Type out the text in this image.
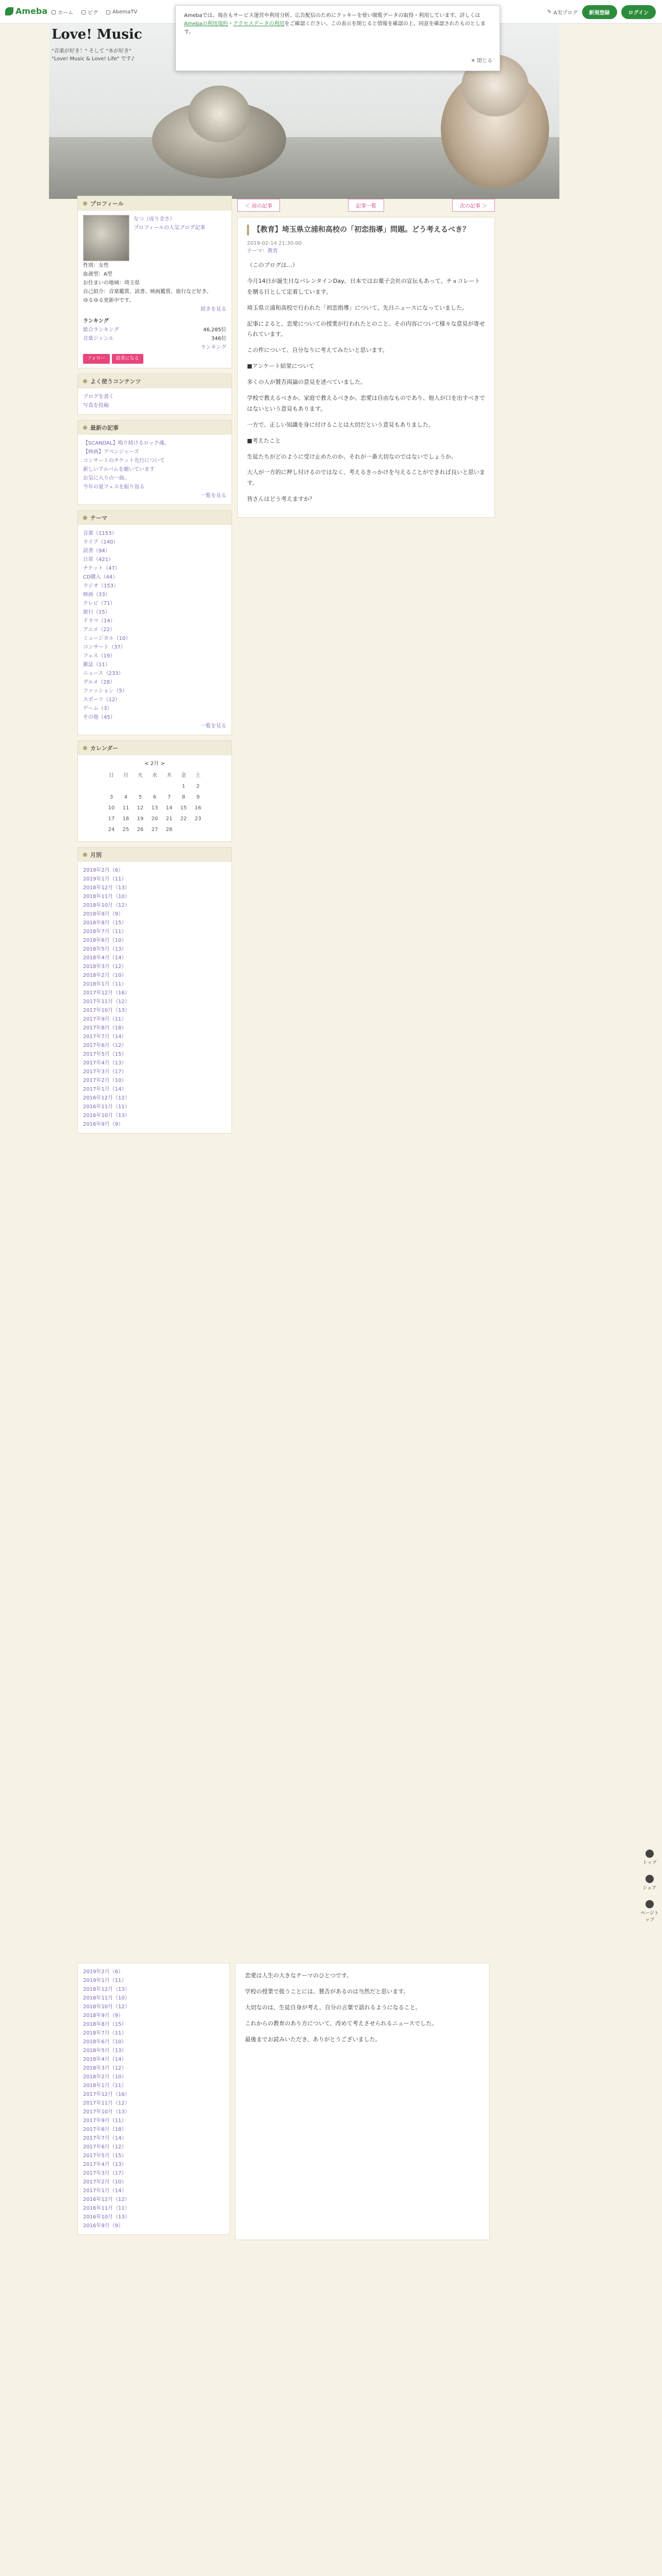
Ameba ホーム	ピグ	AbemaTV	✎ A実プログ	新規登録	ログイン
Love! Music
"音楽が好き！" そして "本が好き"
"Love! Music & Love! Life" です♪
Amebaでは、現在もサービス運営や利用分析、広告配信のためにクッキーを使い閲覧データの取得・利用しています。詳しくはAmebaの利用規約・アクセスデータの利用をご確認ください。この表示を閉じると情報を確認の上、同意を確認されたものとします。
✕ 閉じる
プロフィール
なつ（成り金さ）
プロフィールの人気ブログ記事
性別：女性
血液型：A型
お住まいの地域：埼玉県
自己紹介：音楽鑑賞、読書、映画鑑賞、旅行など好き。
ゆるゆる更新中です。
続きを見る
ランキング
総合ランキング	46,285位
音楽ジャンル	346位
ランキング
フォロー	読者になる
よく使うコンテンツ
ブログを書く
写真を投稿
最新の記事
【SCANDAL】鳴り続けるロック魂。
【映画】アベンジャーズ
コンサートのチケット先行について
新しいアルバムを聴いています
お気に入りの一曲。
今年の夏フェスを振り返る
一覧を見る
テーマ
音楽（1153）
ライブ（140）
読書（94）
日常（421）
チケット（47）
CD購入（44）
ラジオ（153）
映画（33）
テレビ（71）
旅行（15）
ドラマ（14）
アニメ（22）
ミュージカル（10）
コンサート（37）
フェス（19）
雑誌（11）
ニュース（233）
グルメ（28）
ファッション（5）
スポーツ（12）
ゲーム（3）
その他（45）
一覧を見る
カレンダー
< 2月 >
日	月	火	水	木	金	土
					1	2
3	4	5	6	7	8	9
10	11	12	13	14	15	16
17	18	19	20	21	22	23
24	25	26	27	28		
月別
2019年2月（6）
2019年1月（11）
2018年12月（13）
2018年11月（10）
2018年10月（12）
2018年9月（9）
2018年8月（15）
2018年7月（11）
2018年6月（10）
2018年5月（13）
2018年4月（14）
2018年3月（12）
2018年2月（10）
2018年1月（11）
2017年12月（16）
2017年11月（12）
2017年10月（13）
2017年9月（11）
2017年8月（18）
2017年7月（14）
2017年6月（12）
2017年5月（15）
2017年4月（13）
2017年3月（17）
2017年2月（10）
2017年1月（14）
2016年12月（12）
2016年11月（11）
2016年10月（13）
2016年9月（9）
＜ 前の記事	記事一覧	次の記事 ＞
【教育】埼玉県立浦和高校の「初恋指導」問題。どう考えるべき？
2019-02-14 21:30:00
テーマ：教育

（このブログは…）

今月14日が誕生日なバレンタインDay。日本ではお菓子会社の宣伝もあって、チョコレートを贈る日として定着しています。

埼玉県立浦和高校で行われた「初恋指導」について、先日ニュースになっていました。

記事によると、恋愛についての授業が行われたとのこと。その内容について様々な意見が寄せられています。

この件について、自分なりに考えてみたいと思います。

■アンケート結果について

多くの人が賛否両論の意見を述べていました。

学校で教えるべきか、家庭で教えるべきか。恋愛は自由なものであり、他人が口を出すべきではないという意見もあります。

一方で、正しい知識を身に付けることは大切だという意見もありました。

■考えたこと

生徒たちがどのように受け止めたのか、それが一番大切なのではないでしょうか。

大人が一方的に押し付けるのではなく、考えるきっかけを与えることができれば良いと思います。

皆さんはどう考えますか？

トップ
シェア
ページトップ
2019年2月（6）
2019年1月（11）
2018年12月（13）
2018年11月（10）
2018年10月（12）
2018年9月（9）
2018年8月（15）
2018年7月（11）
2018年6月（10）
2018年5月（13）
2018年4月（14）
2018年3月（12）
2018年2月（10）
2018年1月（11）
2017年12月（16）
2017年11月（12）
2017年10月（13）
2017年9月（11）
2017年8月（18）
2017年7月（14）
2017年6月（12）
2017年5月（15）
2017年4月（13）
2017年3月（17）
2017年2月（10）
2017年1月（14）
2016年12月（12）
2016年11月（11）
2016年10月（13）
2016年9月（9）

恋愛は人生の大きなテーマのひとつです。

学校の授業で扱うことには、賛否があるのは当然だと思います。

大切なのは、生徒自身が考え、自分の言葉で語れるようになること。

これからの教育のあり方について、改めて考えさせられるニュースでした。

最後までお読みいただき、ありがとうございました。
